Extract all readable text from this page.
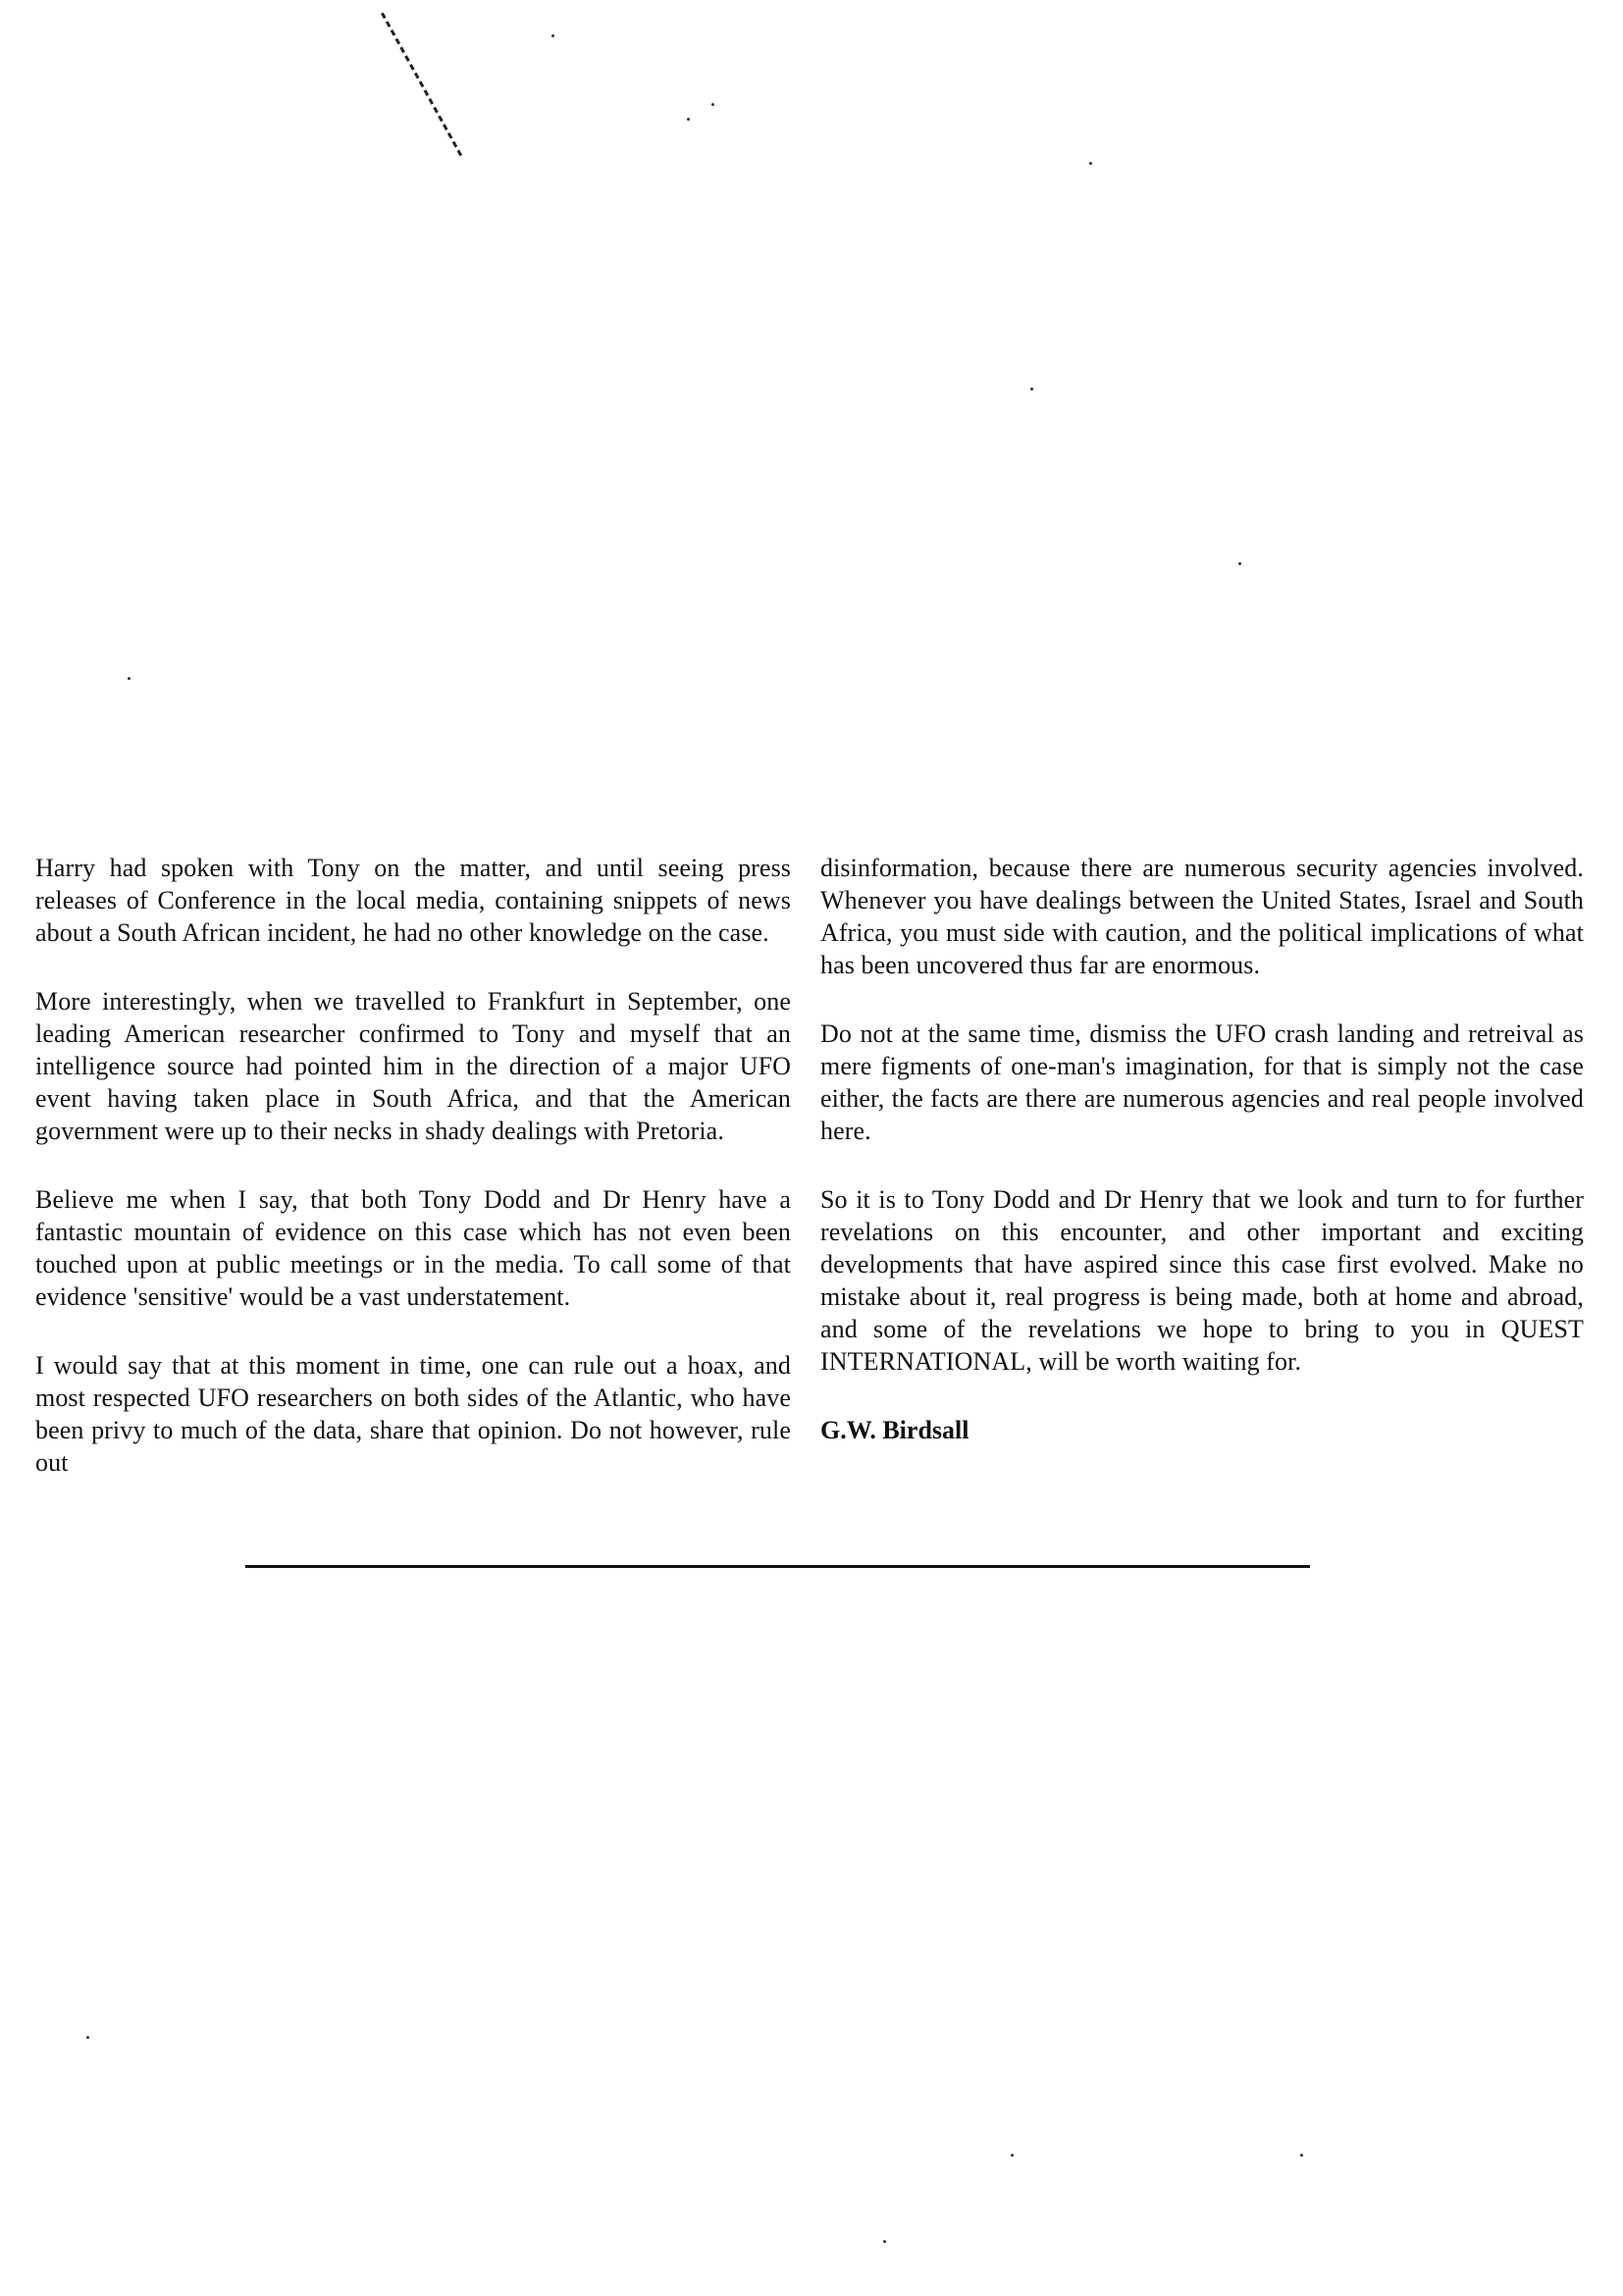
Harry had spoken with Tony on the matter, and until seeing press releases of Conference in the local media, containing snippets of news about a South African incident, he had no other knowledge on the case.

More interestingly, when we travelled to Frankfurt in September, one leading American researcher confirmed to Tony and myself that an intelligence source had pointed him in the direction of a major UFO event having taken place in South Africa, and that the American government were up to their necks in shady dealings with Pretoria.

Believe me when I say, that both Tony Dodd and Dr Henry have a fantastic mountain of evidence on this case which has not even been touched upon at public meetings or in the media. To call some of that evidence 'sensitive' would be a vast understatement.

I would say that at this moment in time, one can rule out a hoax, and most respected UFO researchers on both sides of the Atlantic, who have been privy to much of the data, share that opinion. Do not however, rule out

disinformation, because there are numerous security agencies involved. Whenever you have dealings between the United States, Israel and South Africa, you must side with caution, and the political implications of what has been uncovered thus far are enormous.

Do not at the same time, dismiss the UFO crash landing and retreival as mere figments of one-man's imagination, for that is simply not the case either, the facts are there are numerous agencies and real people involved here.

So it is to Tony Dodd and Dr Henry that we look and turn to for further revelations on this encounter, and other important and exciting developments that have aspired since this case first evolved. Make no mistake about it, real progress is being made, both at home and abroad, and some of the revelations we hope to bring to you in QUEST INTERNATIONAL, will be worth waiting for.

G.W. Birdsall
